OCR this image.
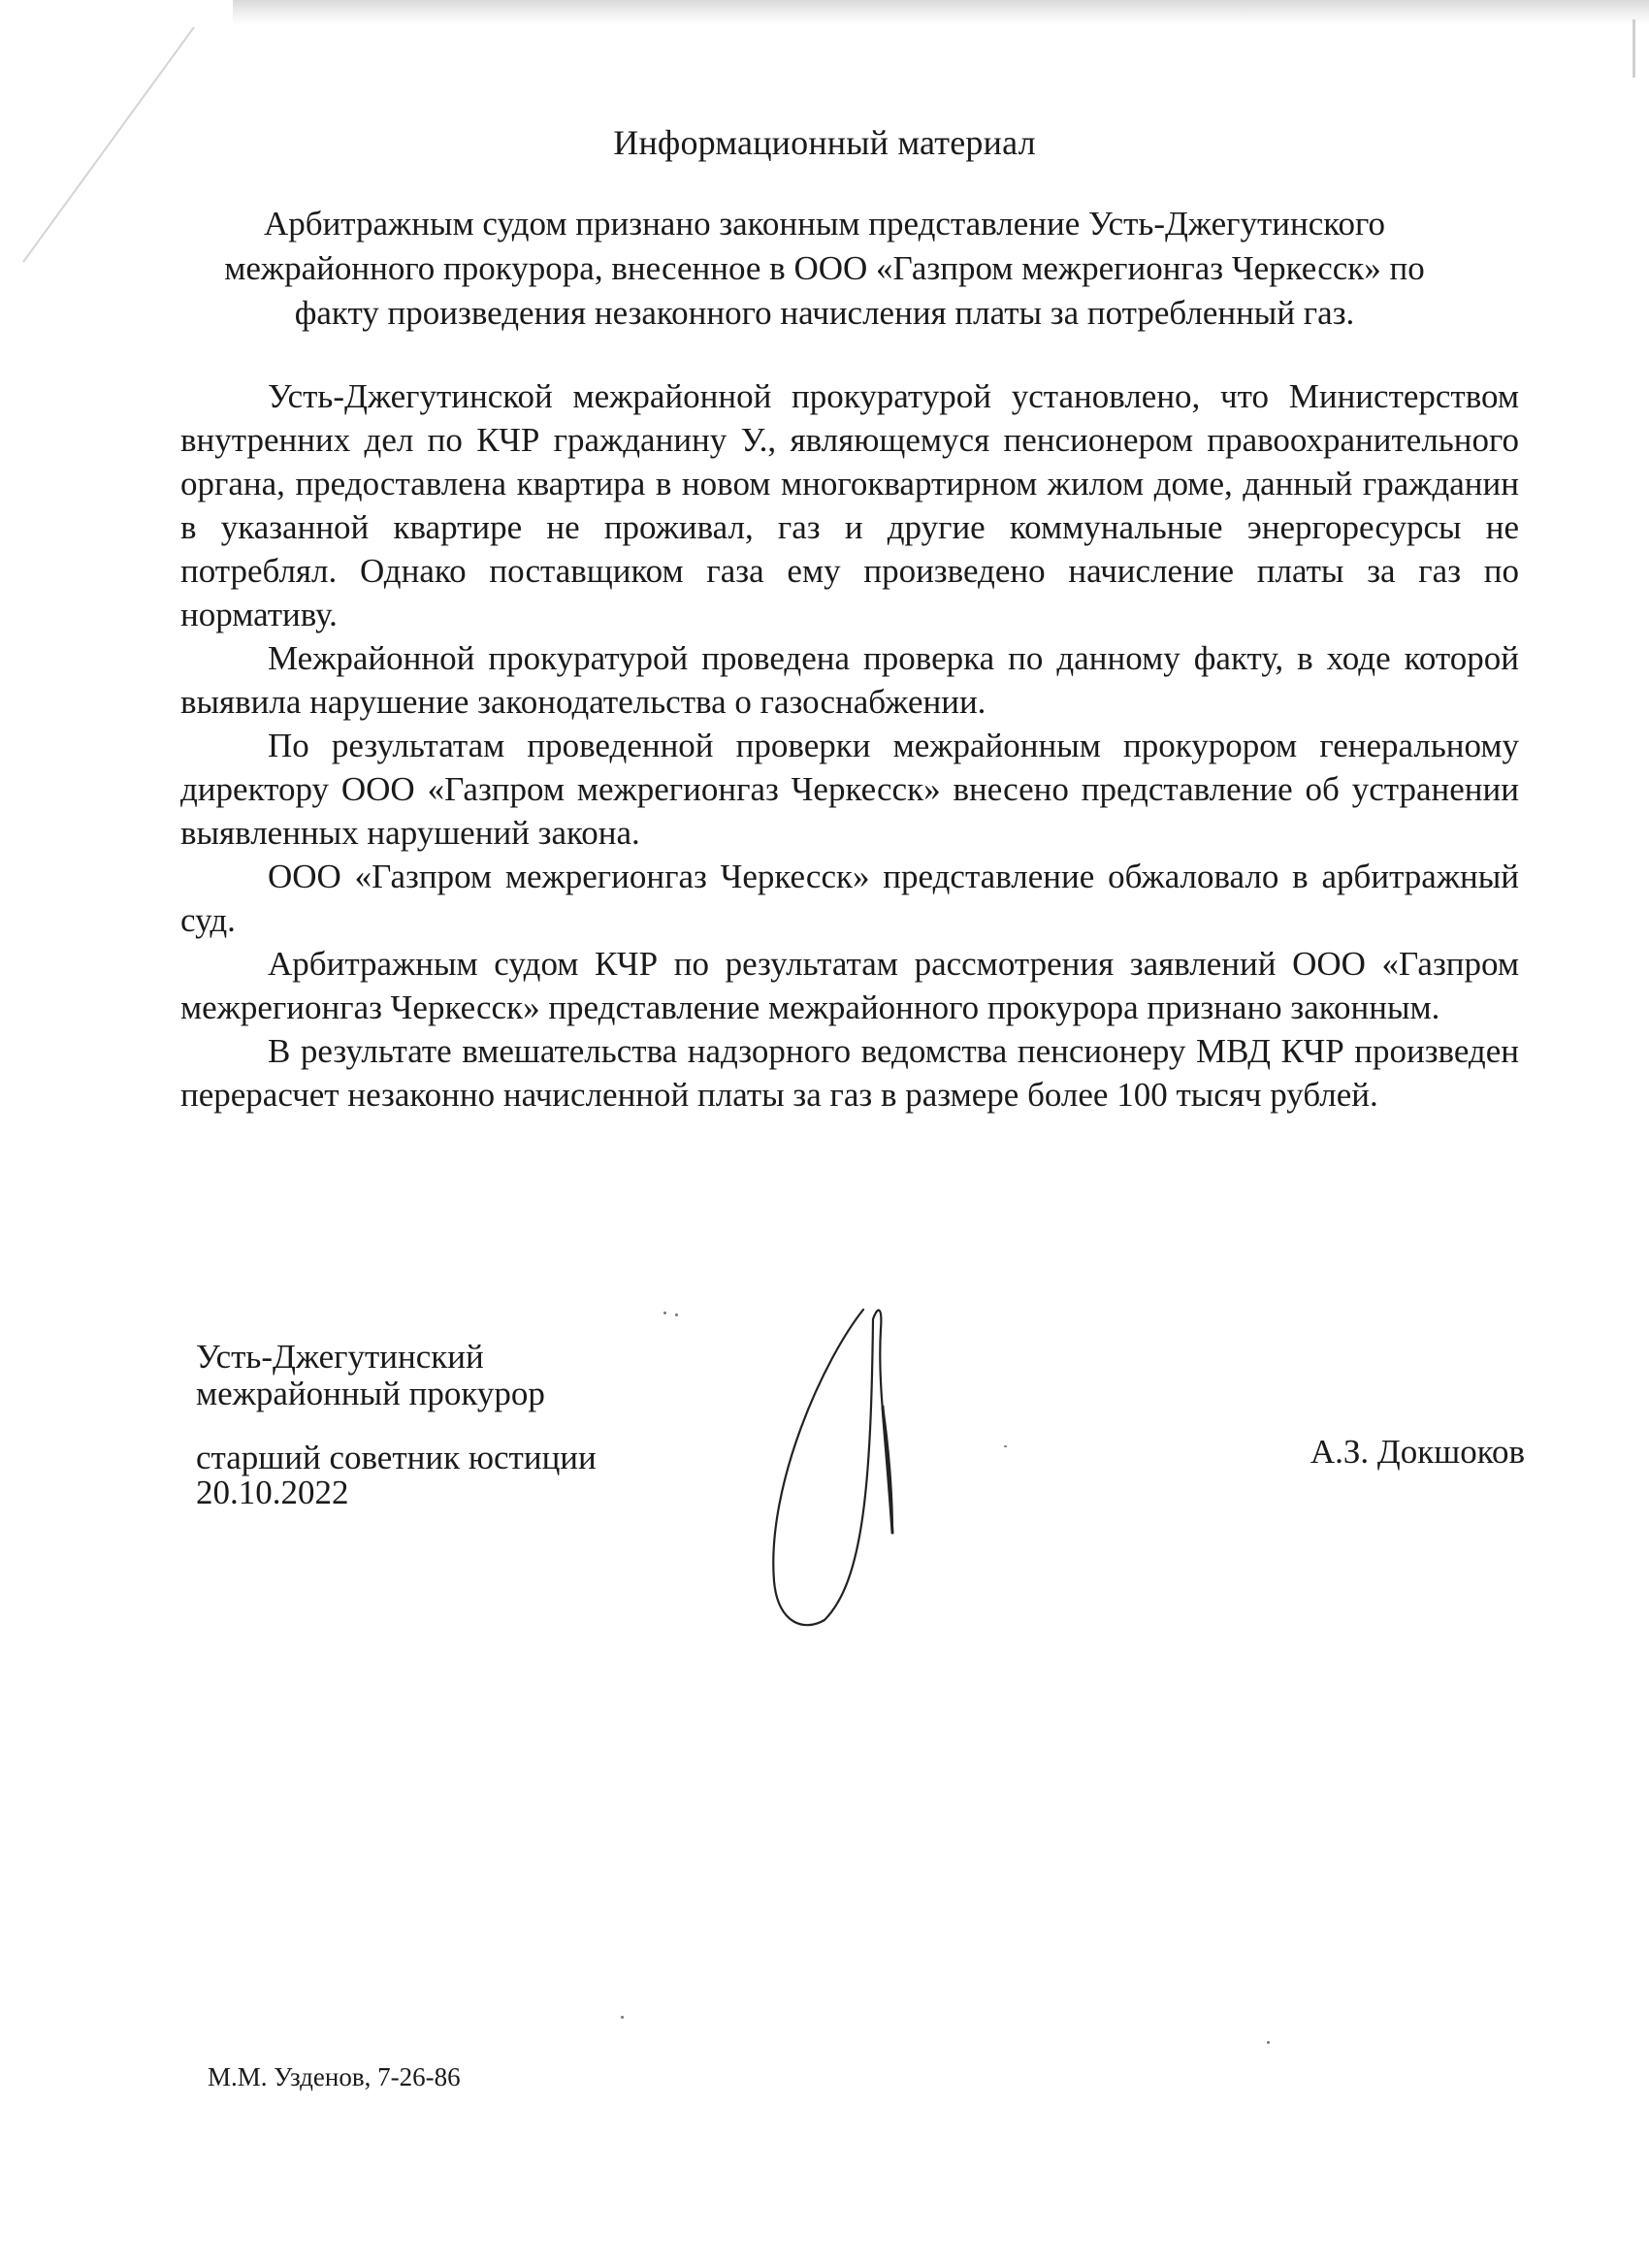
Информационный материал
Арбитражным судом признано законным представление Усть-Джегутинского
межрайонного прокурора, внесенное в ООО «Газпром межрегионгаз Черкесск» по
факту произведения незаконного начисления платы за потребленный газ.

Усть-Джегутинской межрайонной прокуратурой установлено, что Министерством внутренних дел по КЧР гражданину У., являющемуся пенсионером правоохранительного органа, предоставлена квартира в новом многоквартирном жилом доме, данный гражданин в указанной квартире не проживал, газ и другие коммунальные энергоресурсы не потреблял. Однако поставщиком газа ему произведено начисление платы за газ по нормативу.

Межрайонной прокуратурой проведена проверка по данному факту, в ходе которой выявила нарушение законодательства о газоснабжении.

По результатам проведенной проверки межрайонным прокурором генеральному директору ООО «Газпром межрегионгаз Черкесск» внесено представление об устранении выявленных нарушений закона.

ООО «Газпром межрегионгаз Черкесск» представление обжаловало в арбитражный суд.

Арбитражным судом КЧР по результатам рассмотрения заявлений ООО «Газпром межрегионгаз Черкесск» представление межрайонного прокурора признано законным.

В результате вмешательства надзорного ведомства пенсионеру МВД КЧР произведен перерасчет незаконно начисленной платы за газ в размере более 100 тысяч рублей.

Усть-Джегутинский
межрайонный прокурор
старший советник юстиции
20.10.2022
А.З. Докшоков
М.М. Узденов, 7-26-86
